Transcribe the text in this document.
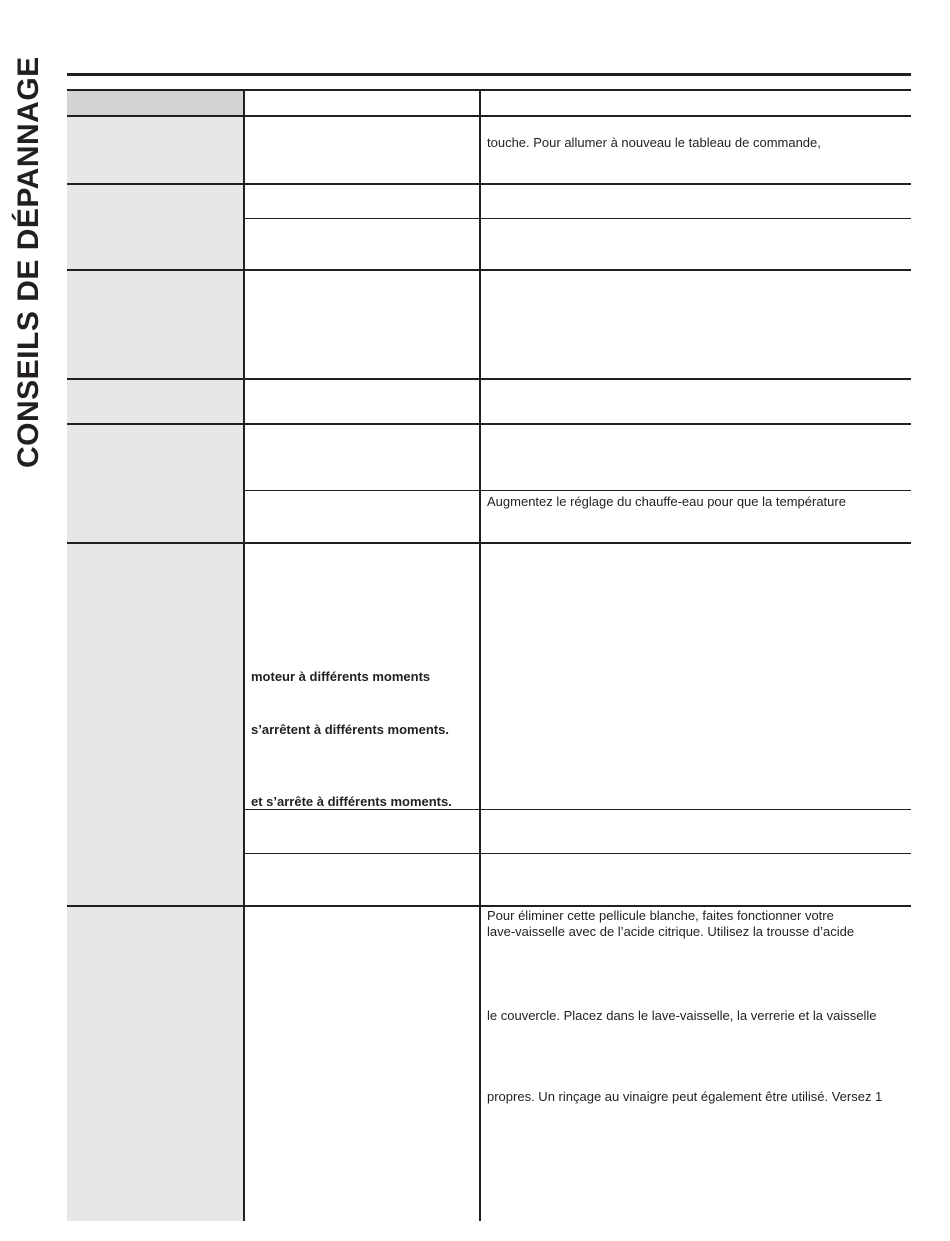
CONSEILS DE DÉPANNAGE	touche. Pour allumer à nouveau le tableau de commande,
Augmentez le réglage du chauffe-eau pour que la température
moteur à différents moments
s’arrêtent à différents moments.
et s’arrête à différents moments.
Pour éliminer cette pellicule blanche, faites fonctionner votre
lave-vaisselle avec de l’acide citrique. Utilisez la trousse d’acide
le couvercle. Placez dans le lave-vaisselle, la verrerie et la vaisselle
propres. Un rinçage au vinaigre peut également être utilisé. Versez 1
